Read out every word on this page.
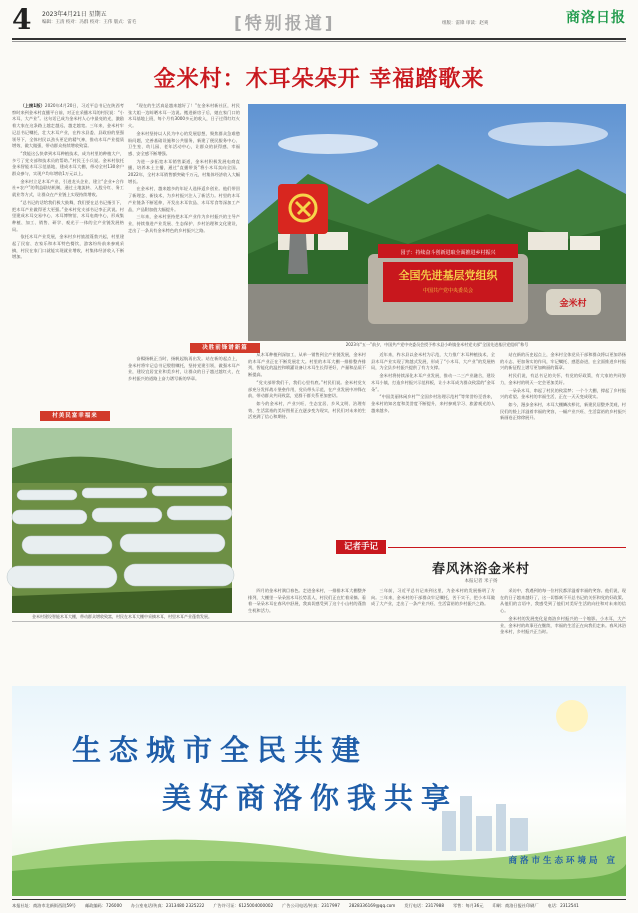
4 2023年4月21日 星期五
编辑：王清 校对：冯群 校对：王伟 版式：雷毛	[特别报道]	组版：雷锋 审读：赵爽	商洛日报
金米村：木耳朵朵开 幸福踏歌来

（上接1版）2020年4月20日，习近平总书记在陕西考察时来到金米村直播平台前，对正在采播木耳的村民说：“小木耳，大产业”。这句话已成为金米村人心中最亮的光，激励着大家在这条路上越走越远，越走越宽。三年来，金米村牢记总书记嘱托，壮大木耳产业，在柞水县委、县政府的坚强领导下，全体村民以劲头更足的精气神，推动木耳产业提质增效、做大做强，带动群众持续增收致富。

“我能这么快拿到木耳种植技术，成为村里的种植大户，多亏了党支部和技术员的帮助。”村民王小兵说。金米村依托金米智能木耳示范基地，建成木耳大棚，带动全村130余户群众参与，实现户均年增收1万元以上。

金米村立足木耳产业，引进龙头企业，建立“企业+合作社+农户”的利益联结机制，通过土地流转、入股分红、务工就业等方式，让群众在产业链上实现持续增收。

“总书记的话给我们极大鼓舞，我们要在总书记指引下，把木耳产业做得更大更强。”金米村党支部书记李正武说。村里建成木耳交易中心、木耳博物馆、木耳电商中心，形成集种植、加工、销售、研学、观光于一体的全产业链发展格局。

依托木耳产业发展，金米村乡村旅游蓬勃兴起，村里建起了民宿、农家乐和木耳特色餐饮，游客纷纷前来参观采摘，村民在家门口就能实现就业增收，村集体经济收入不断增加。

村美民富幸福来

“现在的生活真是越来越好了！”在金米村新社区，村民张大姐一边晾晒木耳一边说。搬进新房子后，她在家门口的木耳基地上班，每个月有3000多元的收入，日子过得红红火火。

金米村坚持以人民为中心的发展思想，聚焦群众急难愁盼问题，完善基础设施和公共服务，新建了便民服务中心、卫生室、幼儿园、老年活动中心，让群众的获得感、幸福感、安全感不断增强。

为进一步拓宽木耳销售渠道，金米村积极发展电商直播，培养本土主播，通过“直播带货”将小木耳卖向全国。2022年，全村木耳销售额突破千万元，村集体经济收入大幅增长。

在金米村，越来越多的年轻人选择返乡创业。他们带回了新理念、新技术，为乡村振兴注入了新活力。村里的木耳产业链条不断延伸，开发出木耳饮品、木耳零食等深加工产品，产品附加值大幅提升。

三年来，金米村坚持把木耳产业作为乡村振兴的主导产业，持续推进产业发展、生态保护、乡村治理和文化建设，走出了一条具有金米特色的乡村振兴之路。

决胜前锋谱新篇
金米村建设智能木耳大棚，带动群众增收致富，村民在木耳大棚中采摘木耳，村里木耳产业蓬勃发展。

奋楫扬帆正当时，扬帆起航再出发。站在新的起点上，金米村将牢记总书记殷殷嘱托，坚持党建引领，做强木耳产业，建设宜居宜业和美乡村，让群众的日子越过越红火，在乡村振兴的道路上奋力谱写新的华章。

园子：持续奋斗创新进取全面推进乡村振兴
全国先进基层党组织
中国共产党中央委员会
金米村
2023年“五一”前夕，中国共产党中央委员会授予柞水县小岭镇金米村党支部“全国先进基层党组织”称号

从木耳种植到深加工，从单一销售到全产业链发展，金米村的木耳产业正在不断发展壮大。村里的木耳大棚一排排整齐排列，智能化的温控和喷灌设备让木耳生长得更好，产量和品质不断提高。

“党支部带我们干，我们心里有底。”村民们说。金米村党支部充分发挥战斗堡垒作用，党员带头示范，在产业发展中冲锋在前，带动群众共同致富，党群干群关系更加密切。

如今的金米村，产业兴旺、生态宜居、乡风文明、治理有效、生活富裕的美好图景正在逐步变为现实，村民们对未来的生活充满了信心和期待。

近年来，柞水县以金米村为示范，大力推广木耳种植技术，全县木耳产业实现了跨越式发展，形成了“小木耳、大产业”的发展格局，为全县乡村振兴提供了有力支撑。

金米村将持续深化木耳产业发展，推动一二三产业融合，建设木耳小镇，打造乡村振兴示范样板，让小木耳成为群众致富的“金耳朵”。

“中国美丽休闲乡村”“全国乡村治理示范村”等荣誉纷至沓来，金米村的知名度和美誉度不断提升，来村参观学习、旅游观光的人越来越多。

站在新的历史起点上，金米村全体党员干部和群众将以更加昂扬的斗志、更加务实的作风，牢记嘱托、感恩奋进，在全面推进乡村振兴的新征程上谱写更加绚丽的篇章。

村民们说，有总书记的关怀，有党的好政策，有大家的共同努力，金米村的明天一定会更加美好。

一朵朵木耳，串起了村民的致富梦；一个个大棚，撑起了乡村振兴的希望。金米村的幸福生活，正在一天天变成现实。

如今，漫步金米村，木耳大棚鳞次栉比，新建民居整齐美观，村民们的脸上洋溢着幸福的笑容，一幅产业兴旺、生活富裕的乡村振兴新画卷正徐徐展开。

记者手记
春风沐浴金米村
本报记者 米子扬

四月的金米村满目春色。走进金米村，一排排木耳大棚整齐排列，大棚里一朵朵黑木耳长势喜人，村民们正在忙着采摘。看着一朵朵木耳在春风中舒展，我真切感受到了这个小山村的蓬勃生机和活力。

三年前，习近平总书记来到这里，为金米村的发展指明了方向。三年来，金米村的干部群众牢记嘱托，苦干实干，把小木耳做成了大产业，走出了一条产业兴旺、生活富裕的乡村振兴之路。

采访中，我遇到的每一位村民都洋溢着幸福的笑容。他们说，现在的日子越来越好了，这一切都离不开总书记的关怀和党的好政策。从他们的言语中，我感受到了他们对美好生活的向往和对未来的信心。

金米村的发展变化是商洛乡村振兴的一个缩影。小木耳，大产业，金米村的故事还在继续，幸福的生活正在向我们走来。春风沐浴金米村，乡村振兴正当时。

生态城市全民共建
美好商洛你我共享
商洛市生态环境局 宣
本报社址：商洛市北新街西段59号 邮政编码：726000 办公室电话/传真：2313480 2325222 广告许可证：6125004000002 广告公司电话/传真：2317997 2828336169@qq.com 发行电话：2317988 零售：每月36元 印刷：商洛日报社印刷厂 电话：2312541
